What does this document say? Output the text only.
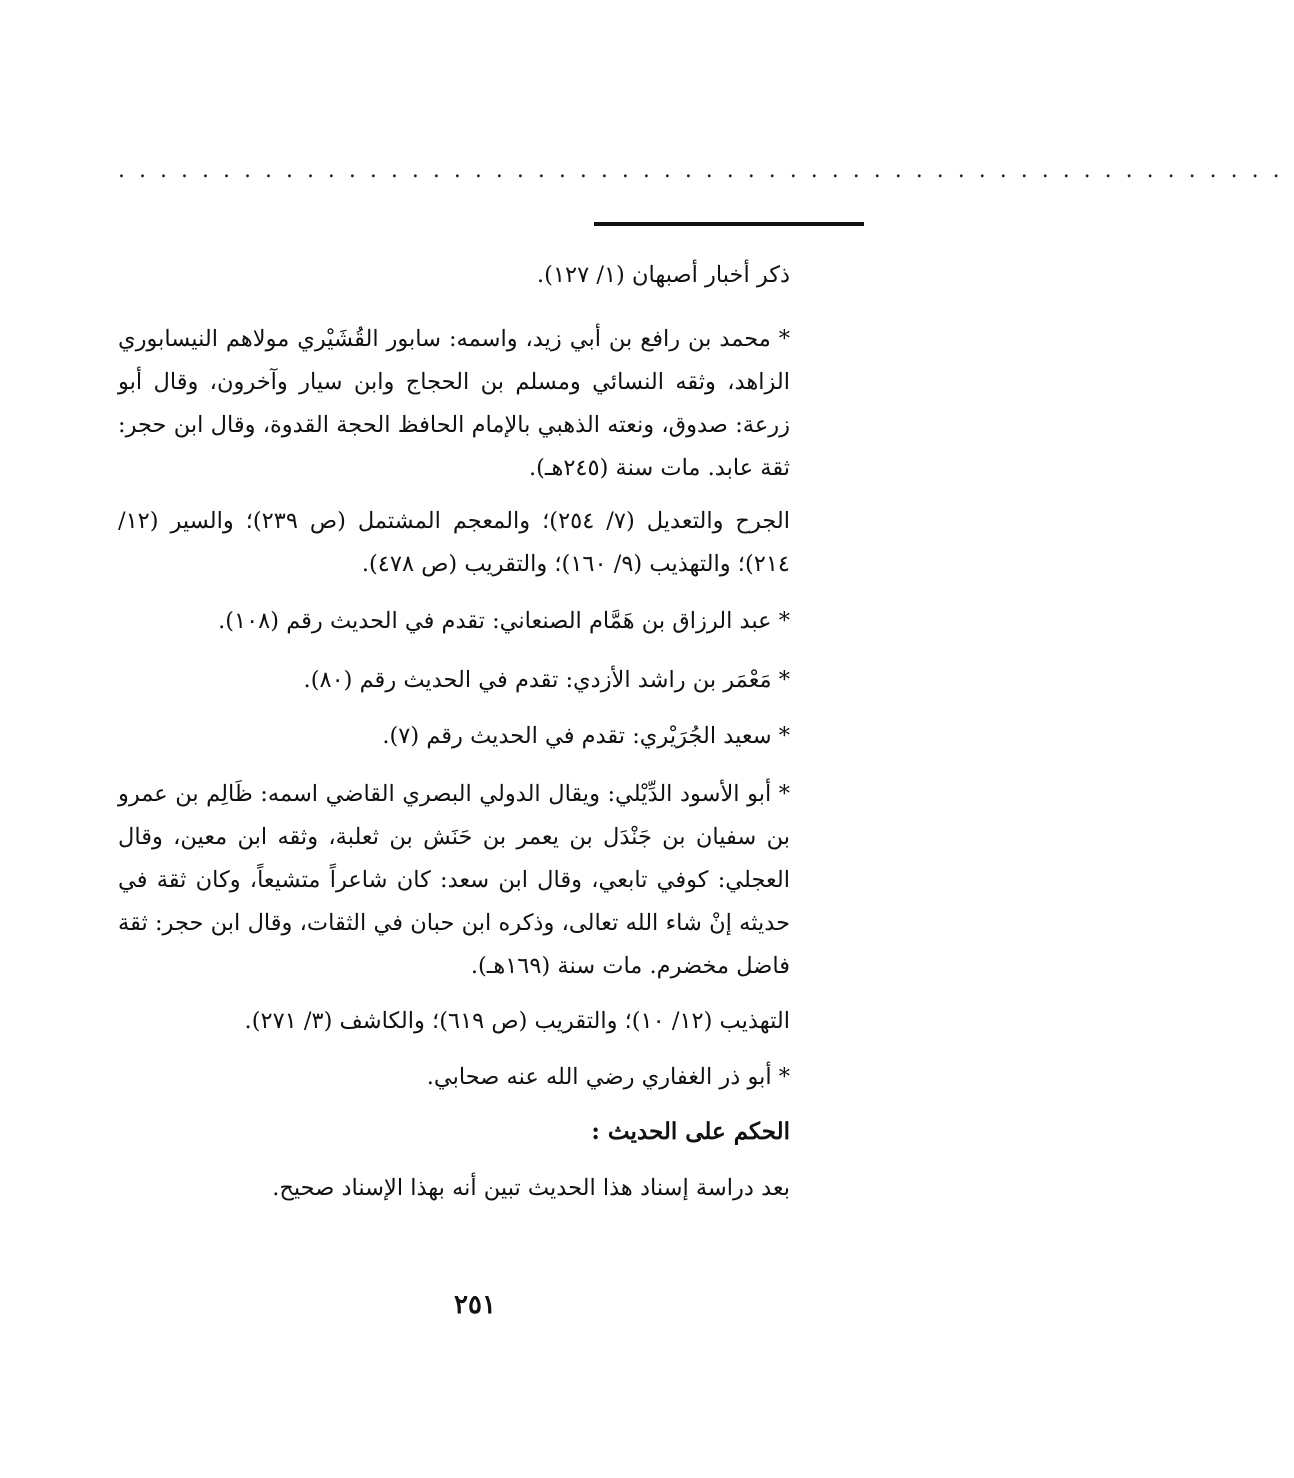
........................................................

ذكر أخبار أصبهان (١/ ١٢٧).

* محمد بن رافع بن أبي زيد، واسمه: سابور القُشَيْري مولاهم النيسابوري الزاهد، وثقه النسائي ومسلم بن الحجاج وابن سيار وآخرون، وقال أبو زرعة: صدوق، ونعته الذهبي بالإمام الحافظ الحجة القدوة، وقال ابن حجر: ثقة عابد. مات سنة (٢٤٥هـ).

الجرح والتعديل (٧/ ٢٥٤)؛ والمعجم المشتمل (ص ٢٣٩)؛ والسير (١٢/ ٢١٤)؛ والتهذيب (٩/ ١٦٠)؛ والتقريب (ص ٤٧٨).

* عبد الرزاق بن هَمَّام الصنعاني: تقدم في الحديث رقم (١٠٨).

* مَعْمَر بن راشد الأزدي: تقدم في الحديث رقم (٨٠).

* سعيد الجُرَيْري: تقدم في الحديث رقم (٧).

* أبو الأسود الدِّيْلي: ويقال الدولي البصري القاضي اسمه: ظَالِم بن عمرو بن سفيان بن جَنْدَل بن يعمر بن حَنَش بن ثعلبة، وثقه ابن معين، وقال العجلي: كوفي تابعي، وقال ابن سعد: كان شاعراً متشيعاً، وكان ثقة في حديثه إنْ شاء الله تعالى، وذكره ابن حبان في الثقات، وقال ابن حجر: ثقة فاضل مخضرم. مات سنة (١٦٩هـ).

التهذيب (١٢/ ١٠)؛ والتقريب (ص ٦١٩)؛ والكاشف (٣/ ٢٧١).

* أبو ذر الغفاري رضي الله عنه صحابي.

الحكم على الحديث :

بعد دراسة إسناد هذا الحديث تبين أنه بهذا الإسناد صحيح.

٢٥١
